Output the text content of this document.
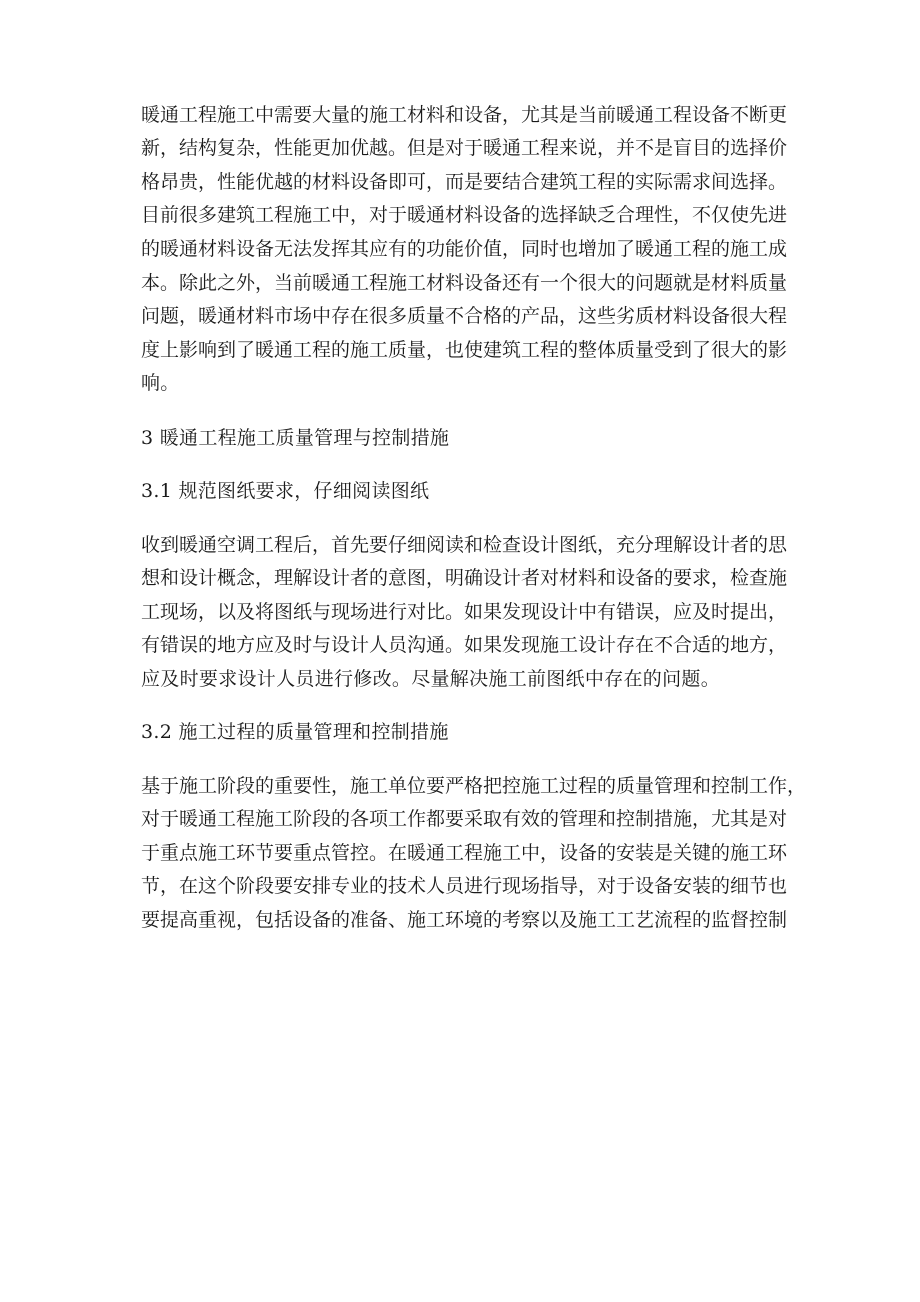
暖通工程施工中需要大量的施工材料和设备，尤其是当前暖通工程设备不断更
新，结构复杂，性能更加优越。但是对于暖通工程来说，并不是盲目的选择价
格昂贵，性能优越的材料设备即可，而是要结合建筑工程的实际需求间选择。
目前很多建筑工程施工中，对于暖通材料设备的选择缺乏合理性，不仅使先进
的暖通材料设备无法发挥其应有的功能价值，同时也增加了暖通工程的施工成
本。除此之外，当前暖通工程施工材料设备还有一个很大的问题就是材料质量
问题，暖通材料市场中存在很多质量不合格的产品，这些劣质材料设备很大程
度上影响到了暖通工程的施工质量，也使建筑工程的整体质量受到了很大的影
响。
3 暖通工程施工质量管理与控制措施
3.1 规范图纸要求，仔细阅读图纸
收到暖通空调工程后，首先要仔细阅读和检查设计图纸，充分理解设计者的思
想和设计概念，理解设计者的意图，明确设计者对材料和设备的要求，检查施
工现场，以及将图纸与现场进行对比。如果发现设计中有错误，应及时提出，
有错误的地方应及时与设计人员沟通。如果发现施工设计存在不合适的地方，
应及时要求设计人员进行修改。尽量解决施工前图纸中存在的问题。
3.2 施工过程的质量管理和控制措施
基于施工阶段的重要性，施工单位要严格把控施工过程的质量管理和控制工作，
对于暖通工程施工阶段的各项工作都要采取有效的管理和控制措施，尤其是对
于重点施工环节要重点管控。在暖通工程施工中，设备的安装是关键的施工环
节，在这个阶段要安排专业的技术人员进行现场指导，对于设备安装的细节也
要提高重视，包括设备的准备、施工环境的考察以及施工工艺流程的监督控制
